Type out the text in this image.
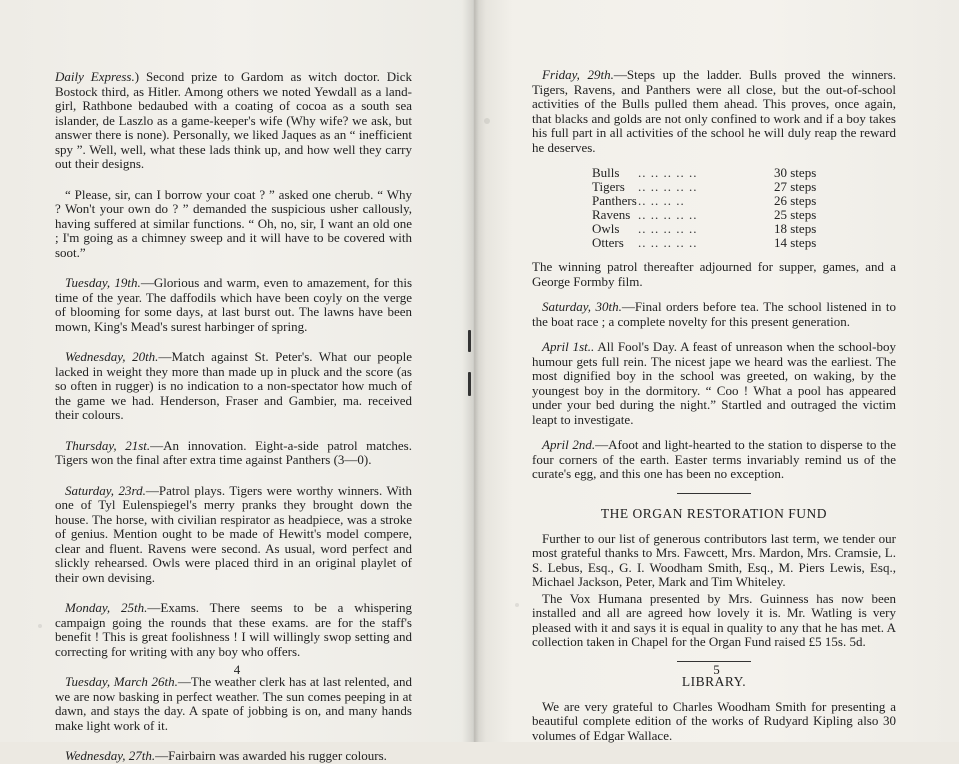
Daily Express.) Second prize to Gardom as witch doctor. Dick Bostock third, as Hitler. Among others we noted Yewdall as a land-girl, Rathbone bedaubed with a coating of cocoa as a south sea islander, de Laszlo as a game-keeper's wife (Why wife? we ask, but answer there is none). Personally, we liked Jaques as an “ inefficient spy ”. Well, well, what these lads think up, and how well they carry out their designs.

“ Please, sir, can I borrow your coat ? ” asked one cherub. “ Why ? Won't your own do ? ” demanded the suspicious usher callously, having suffered at similar functions. “ Oh, no, sir, I want an old one ; I'm going as a chimney sweep and it will have to be covered with soot.”

Tuesday, 19th.—Glorious and warm, even to amazement, for this time of the year. The daffodils which have been coyly on the verge of blooming for some days, at last burst out. The lawns have been mown, King's Mead's surest harbinger of spring.

Wednesday, 20th.—Match against St. Peter's. What our people lacked in weight they more than made up in pluck and the score (as so often in rugger) is no indication to a non-spectator how much of the game we had. Henderson, Fraser and Gambier, ma. received their colours.

Thursday, 21st.—An innovation. Eight-a-side patrol matches. Tigers won the final after extra time against Panthers (3—0).

Saturday, 23rd.—Patrol plays. Tigers were worthy winners. With one of Tyl Eulenspiegel's merry pranks they brought down the house. The horse, with civilian respirator as headpiece, was a stroke of genius. Mention ought to be made of Hewitt's model compere, clear and fluent. Ravens were second. As usual, word perfect and slickly rehearsed. Owls were placed third in an original playlet of their own devising.

Monday, 25th.—Exams. There seems to be a whispering campaign going the rounds that these exams. are for the staff's benefit ! This is great foolishness ! I will willingly swop setting and correcting for writing with any boy who offers.

Tuesday, March 26th.—The weather clerk has at last relented, and we are now basking in perfect weather. The sun comes peeping in at dawn, and stays the day. A spate of jobbing is on, and many hands make light work of it.

Wednesday, 27th.—Fairbairn was awarded his rugger colours.

4

Friday, 29th.—Steps up the ladder. Bulls proved the winners. Tigers, Ravens, and Panthers were all close, but the out-of-school activities of the Bulls pulled them ahead. This proves, once again, that blacks and golds are not only confined to work and if a boy takes his full part in all activities of the school he will duly reap the reward he deserves.

Bulls	.. .. .. .. ..	30 steps
Tigers	.. .. .. .. ..	27 steps
Panthers	.. .. .. ..	26 steps
Ravens	.. .. .. .. ..	25 steps
Owls	.. .. .. .. ..	18 steps
Otters	.. .. .. .. ..	14 steps

The winning patrol thereafter adjourned for supper, games, and a George Formby film.

Saturday, 30th.—Final orders before tea. The school listened in to the boat race ; a complete novelty for this present generation.

April 1st.. All Fool's Day. A feast of unreason when the school-boy humour gets full rein. The nicest jape we heard was the earliest. The most dignified boy in the school was greeted, on waking, by the youngest boy in the dormitory. “ Coo ! What a pool has appeared under your bed during the night.” Startled and outraged the victim leapt to investigate.

April 2nd.—Afoot and light-hearted to the station to disperse to the four corners of the earth. Easter terms invariably remind us of the curate's egg, and this one has been no exception.

THE ORGAN RESTORATION FUND

Further to our list of generous contributors last term, we tender our most grateful thanks to Mrs. Fawcett, Mrs. Mardon, Mrs. Cramsie, L. S. Lebus, Esq., G. I. Woodham Smith, Esq., M. Piers Lewis, Esq., Michael Jackson, Peter, Mark and Tim Whiteley.

The Vox Humana presented by Mrs. Guinness has now been installed and all are agreed how lovely it is. Mr. Watling is very pleased with it and says it is equal in quality to any that he has met. A collection taken in Chapel for the Organ Fund raised £5 15s. 5d.

LIBRARY.

We are very grateful to Charles Woodham Smith for presenting a beautiful complete edition of the works of Rudyard Kipling also 30 volumes of Edgar Wallace.

5
